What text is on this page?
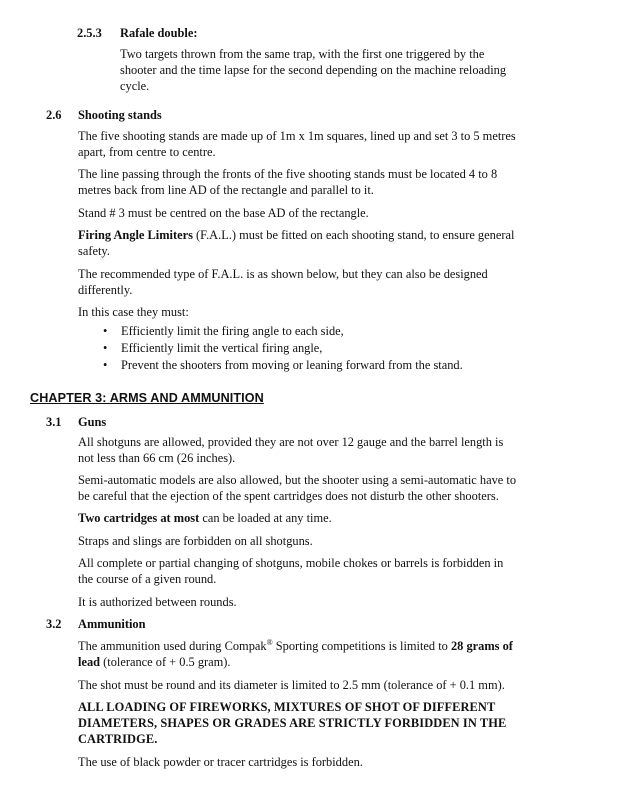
2.5.3 Rafale double:

Two targets thrown from the same trap, with the first one triggered by the

shooter and the time lapse for the second depending on the machine reloading

cycle.

2.6 Shooting stands

The five shooting stands are made up of 1m x 1m squares, lined up and set 3 to 5 metres

apart, from centre to centre.

The line passing through the fronts of the five shooting stands must be located 4 to 8

metres back from line AD of the rectangle and parallel to it.

Stand # 3 must be centred on the base AD of the rectangle.

Firing Angle Limiters (F.A.L.) must be fitted on each shooting stand, to ensure general

safety.

The recommended type of F.A.L. is as shown below, but they can also be designed

differently.

In this case they must:

• Efficiently limit the firing angle to each side,
• Efficiently limit the vertical firing angle,
• Prevent the shooters from moving or leaning forward from the stand.
CHAPTER 3: ARMS AND AMMUNITION
3.1 Guns

All shotguns are allowed, provided they are not over 12 gauge and the barrel length is

not less than 66 cm (26 inches).

Semi-automatic models are also allowed, but the shooter using a semi-automatic have to

be careful that the ejection of the spent cartridges does not disturb the other shooters.

Two cartridges at most can be loaded at any time.

Straps and slings are forbidden on all shotguns.

All complete or partial changing of shotguns, mobile chokes or barrels is forbidden in

the course of a given round.

It is authorized between rounds.

3.2 Ammunition

The ammunition used during Compak® Sporting competitions is limited to 28 grams of

lead (tolerance of + 0.5 gram).

The shot must be round and its diameter is limited to 2.5 mm (tolerance of + 0.1 mm).

ALL LOADING OF FIREWORKS, MIXTURES OF SHOT OF DIFFERENT

DIAMETERS, SHAPES OR GRADES ARE STRICTLY FORBIDDEN IN THE

CARTRIDGE.

The use of black powder or tracer cartridges is forbidden.
